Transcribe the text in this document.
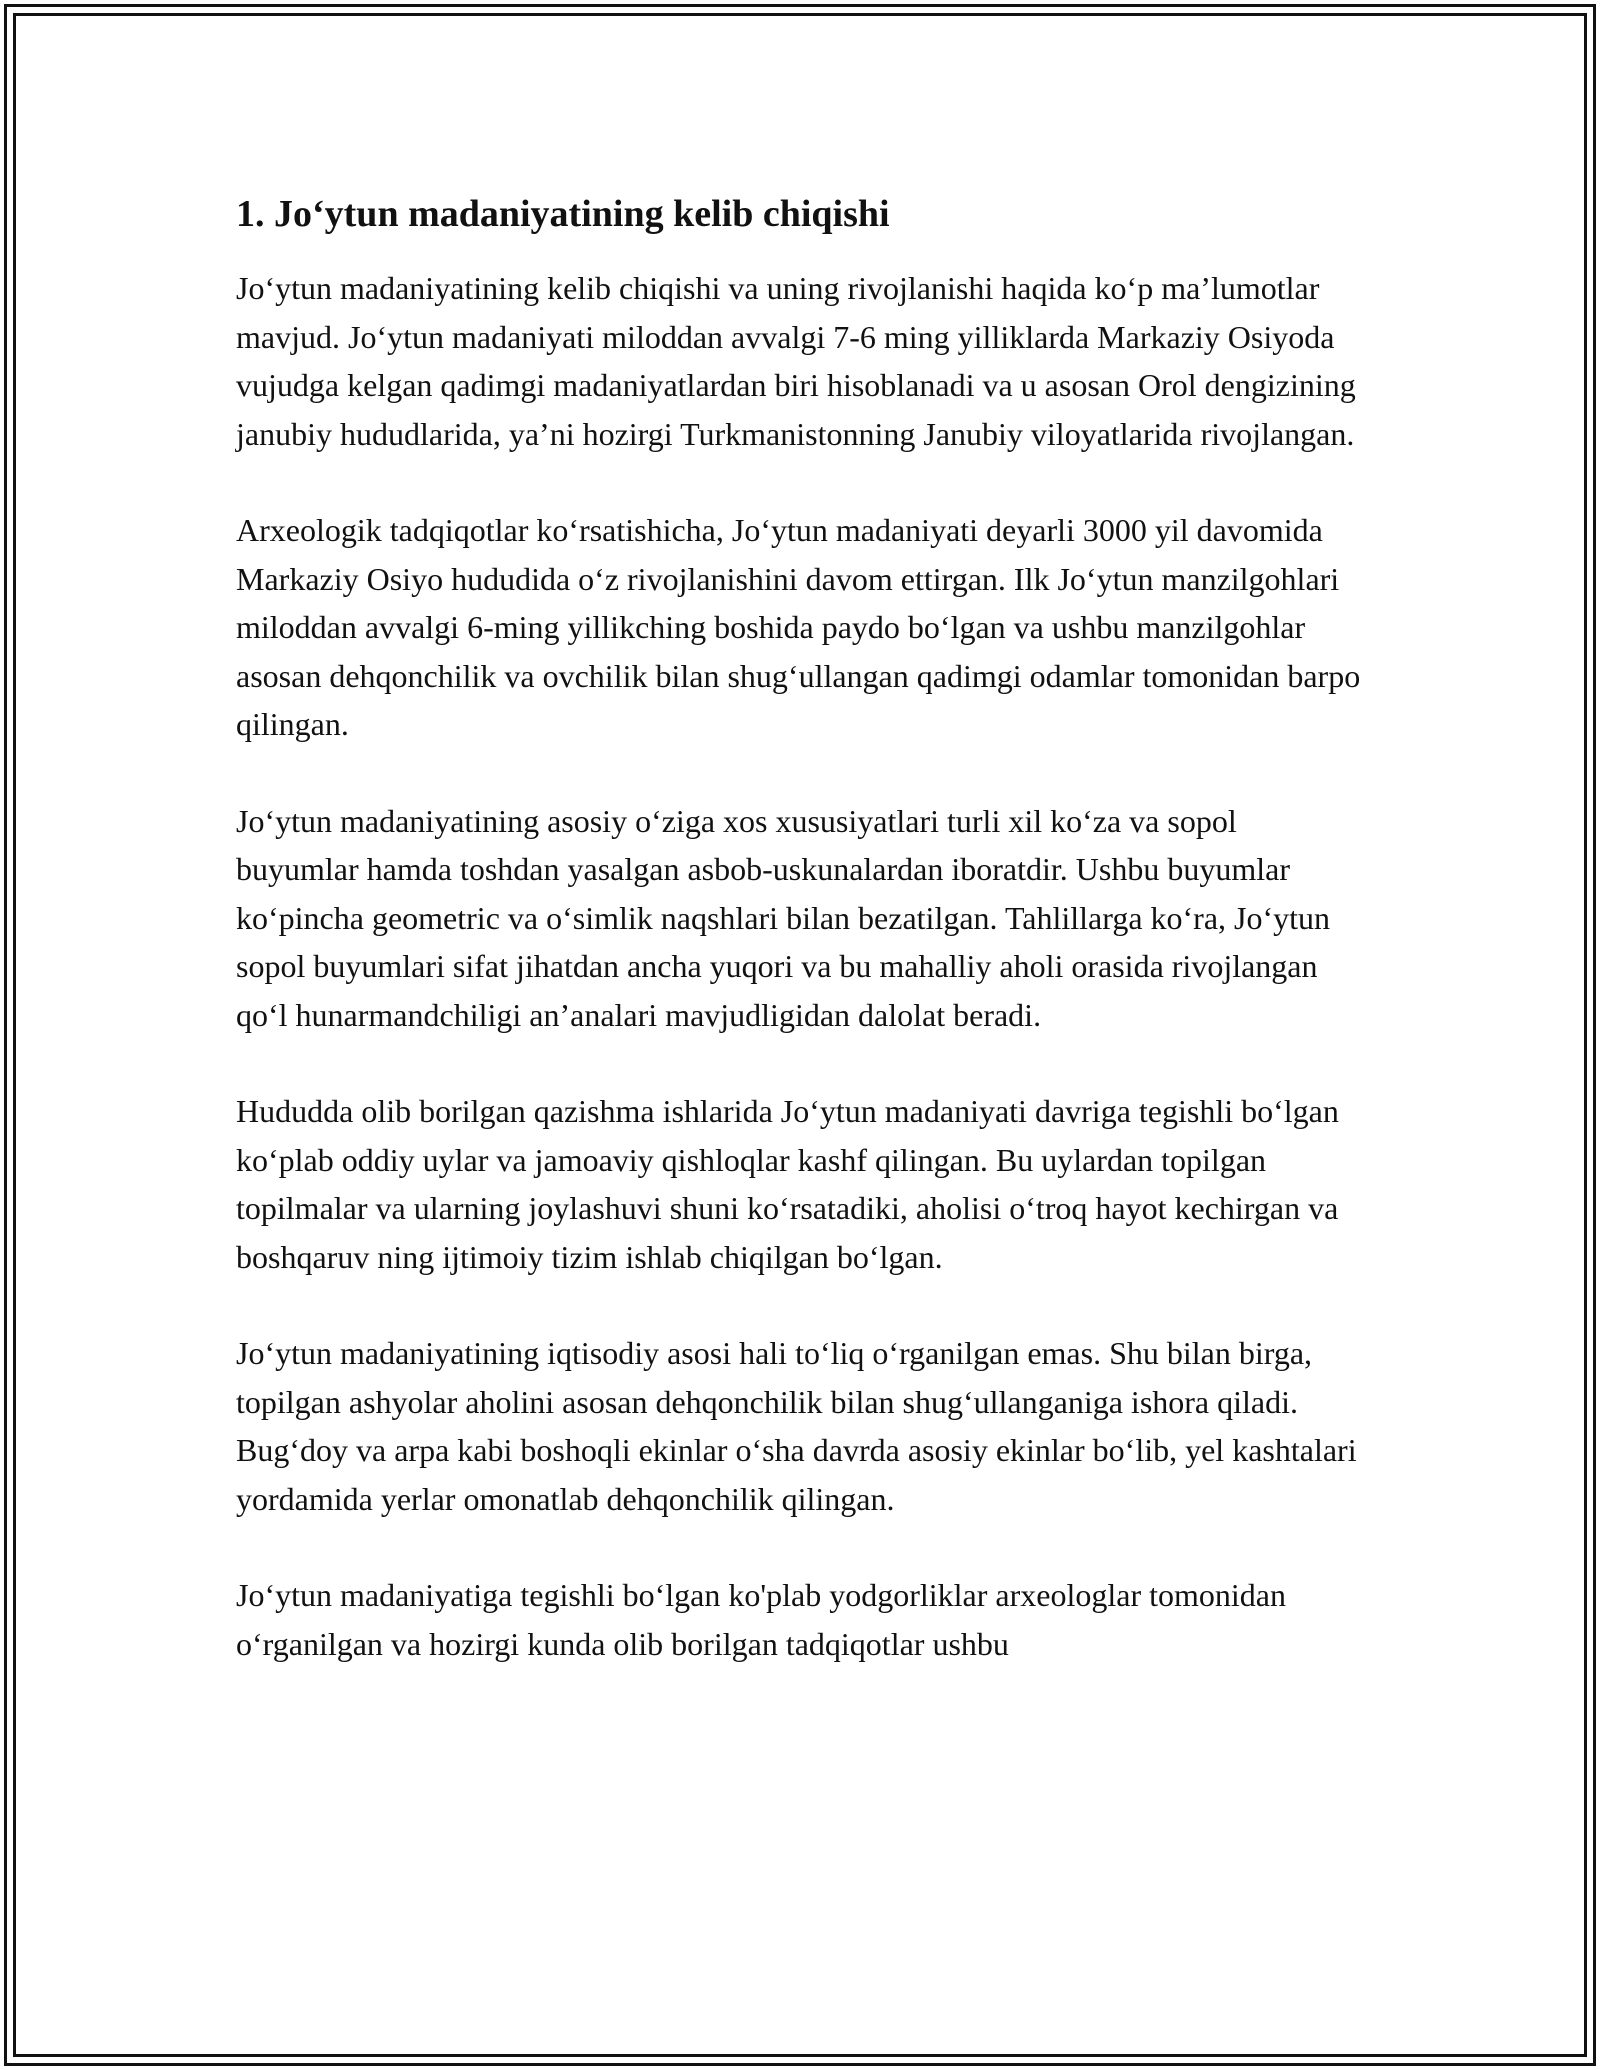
1. Jo‘ytun madaniyatining kelib chiqishi

Jo‘ytun madaniyatining kelib chiqishi va uning rivojlanishi haqida ko‘p ma’lumotlar mavjud. Jo‘ytun madaniyati miloddan avvalgi 7-6 ming yilliklarda Markaziy Osiyoda vujudga kelgan qadimgi madaniyatlardan biri hisoblanadi va u asosan Orol dengizining janubiy hududlarida, ya’ni hozirgi Turkmanistonning Janubiy viloyatlarida rivojlangan.

Arxeologik tadqiqotlar ko‘rsatishicha, Jo‘ytun madaniyati deyarli 3000 yil davomida Markaziy Osiyo hududida o‘z rivojlanishini davom ettirgan. Ilk Jo‘ytun manzilgohlari miloddan avvalgi 6-ming yillikching boshida paydo bo‘lgan va ushbu manzilgohlar asosan dehqonchilik va ovchilik bilan shug‘ullangan qadimgi odamlar tomonidan barpo qilingan.

Jo‘ytun madaniyatining asosiy o‘ziga xos xususiyatlari turli xil ko‘za va sopol buyumlar hamda toshdan yasalgan asbob-uskunalardan iboratdir. Ushbu buyumlar ko‘pincha geometric va o‘simlik naqshlari bilan bezatilgan. Tahlillarga ko‘ra, Jo‘ytun sopol buyumlari sifat jihatdan ancha yuqori va bu mahalliy aholi orasida rivojlangan qo‘l hunarmandchiligi an’analari mavjudligidan dalolat beradi.

Hududda olib borilgan qazishma ishlarida Jo‘ytun madaniyati davriga tegishli bo‘lgan ko‘plab oddiy uylar va jamoaviy qishloqlar kashf qilingan. Bu uylardan topilgan topilmalar va ularning joylashuvi shuni ko‘rsatadiki, aholisi o‘troq hayot kechirgan va boshqaruv ning ijtimoiy tizim ishlab chiqilgan bo‘lgan.

Jo‘ytun madaniyatining iqtisodiy asosi hali to‘liq o‘rganilgan emas. Shu bilan birga, topilgan ashyolar aholini asosan dehqonchilik bilan shug‘ullanganiga ishora qiladi. Bug‘doy va arpa kabi boshoqli ekinlar o‘sha davrda asosiy ekinlar bo‘lib, yel kashtalari yordamida yerlar omonatlab dehqonchilik qilingan.

Jo‘ytun madaniyatiga tegishli bo‘lgan ko'plab yodgorliklar arxeologlar tomonidan o‘rganilgan va hozirgi kunda olib borilgan tadqiqotlar ushbu
